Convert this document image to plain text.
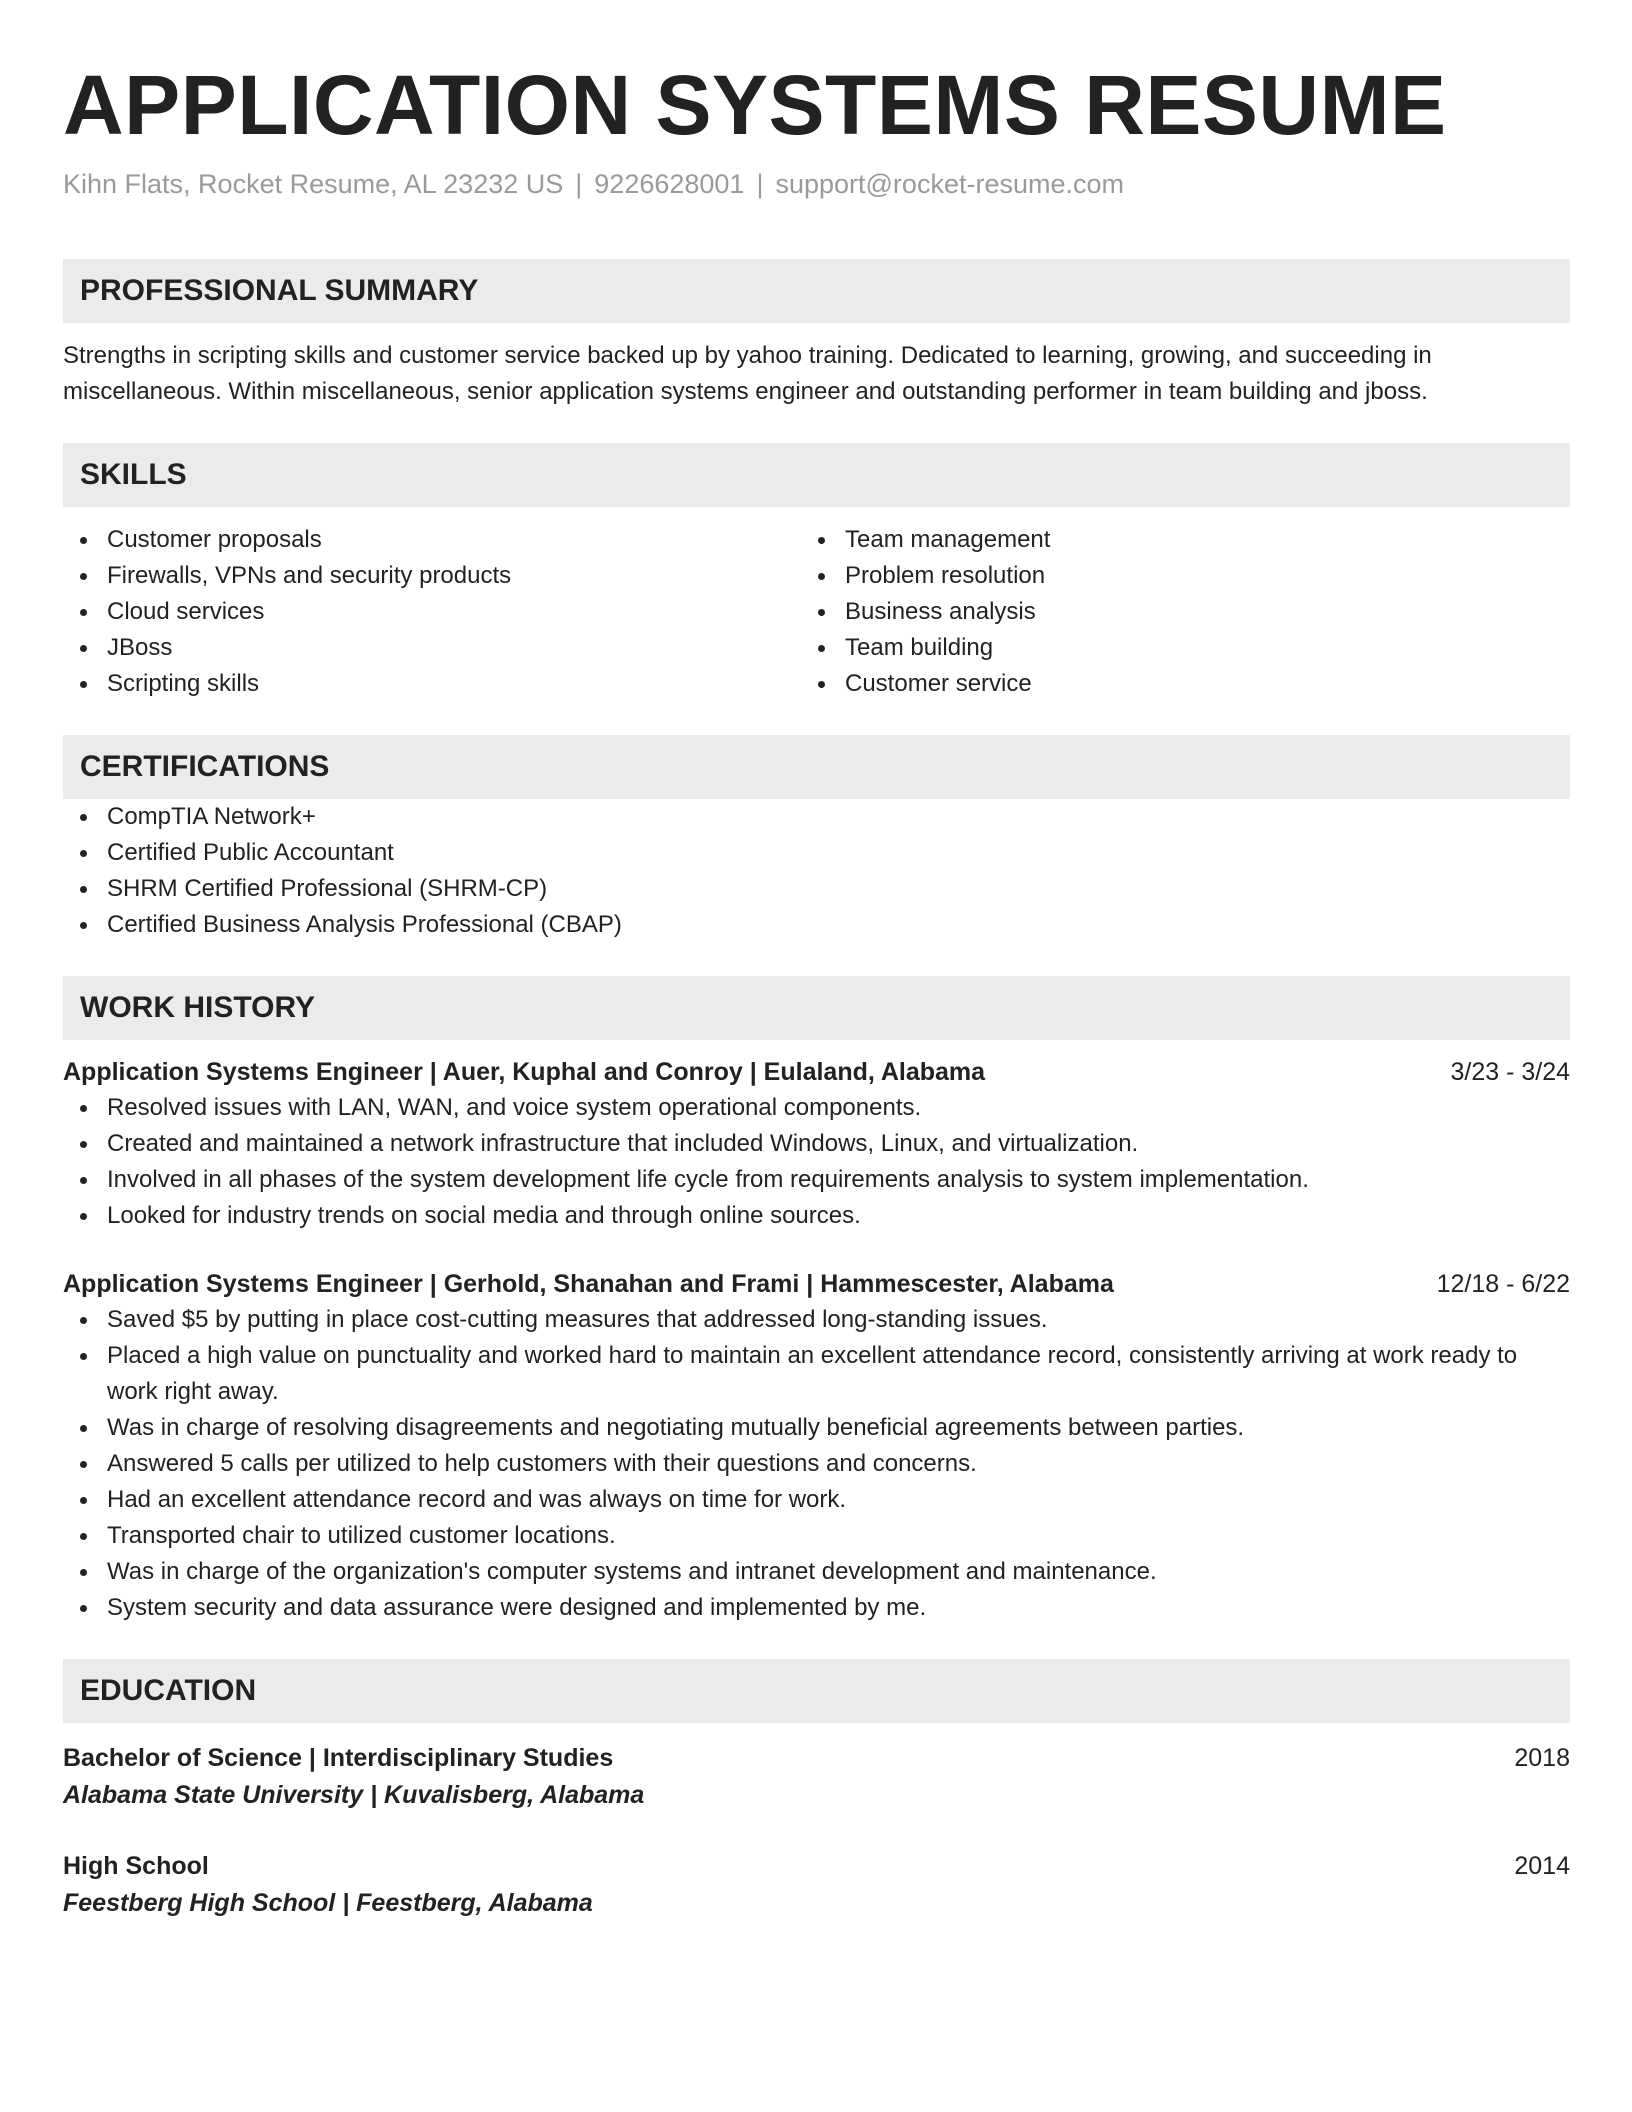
APPLICATION SYSTEMS RESUME
Kihn Flats, Rocket Resume, AL 23232 US | 9226628001 | support@rocket-resume.com
PROFESSIONAL SUMMARY
Strengths in scripting skills and customer service backed up by yahoo training. Dedicated to learning, growing, and succeeding in miscellaneous. Within miscellaneous, senior application systems engineer and outstanding performer in team building and jboss.
SKILLS
Customer proposals
Firewalls, VPNs and security products
Cloud services
JBoss
Scripting skills
Team management
Problem resolution
Business analysis
Team building
Customer service
CERTIFICATIONS
CompTIA Network+
Certified Public Accountant
SHRM Certified Professional (SHRM-CP)
Certified Business Analysis Professional (CBAP)
WORK HISTORY
Application Systems Engineer | Auer, Kuphal and Conroy | Eulaland, Alabama	3/23 - 3/24
Resolved issues with LAN, WAN, and voice system operational components.
Created and maintained a network infrastructure that included Windows, Linux, and virtualization.
Involved in all phases of the system development life cycle from requirements analysis to system implementation.
Looked for industry trends on social media and through online sources.
Application Systems Engineer | Gerhold, Shanahan and Frami | Hammescester, Alabama	12/18 - 6/22
Saved $5 by putting in place cost-cutting measures that addressed long-standing issues.
Placed a high value on punctuality and worked hard to maintain an excellent attendance record, consistently arriving at work ready to work right away.
Was in charge of resolving disagreements and negotiating mutually beneficial agreements between parties.
Answered 5 calls per utilized to help customers with their questions and concerns.
Had an excellent attendance record and was always on time for work.
Transported chair to utilized customer locations.
Was in charge of the organization's computer systems and intranet development and maintenance.
System security and data assurance were designed and implemented by me.
EDUCATION
Bachelor of Science | Interdisciplinary Studies	2018
Alabama State University | Kuvalisberg, Alabama
High School	2014
Feestberg High School | Feestberg, Alabama
